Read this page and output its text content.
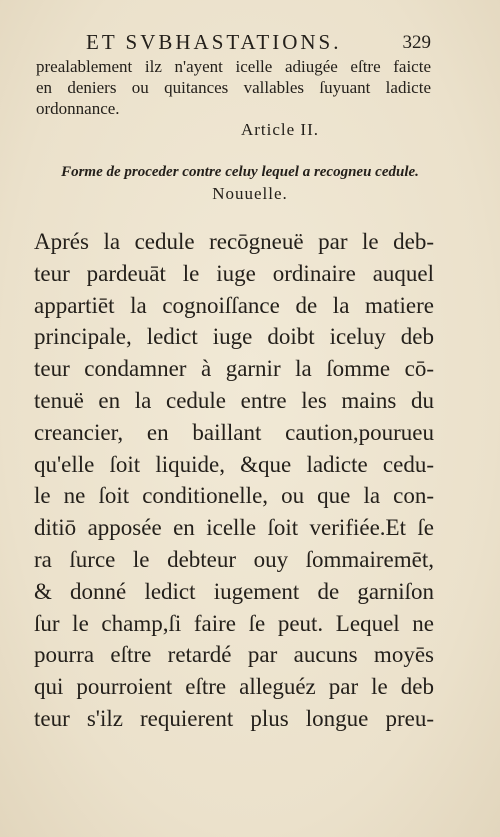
ET SVBHASTATIONS.	329
prealablement ilz n'ayent icelle adiugée eſtre faicte
en deniers ou quitances vallables ſuyuant ladicte
ordonnance.
Article II.
Forme de proceder contre celuy lequel a recogneu cedule.
Nouuelle.
Aprés la cedule recōgneuë par le deb-
teur pardeuāt le iuge ordinaire auquel
appartiēt la cognoiſſance de la matiere
principale, ledict iuge doibt iceluy deb
teur condamner à garnir la ſomme cō-
tenuë en la cedule entre les mains du
creancier, en baillant caution,pourueu
qu'elle ſoit liquide, &que ladicte cedu-
le ne ſoit conditionelle, ou que la con-
ditiō apposée en icelle ſoit verifiée.Et ſe
ra ſurce le debteur ouy ſommairemēt,
& donné ledict iugement de garniſon
ſur le champ,ſi faire ſe peut. Lequel ne
pourra eſtre retardé par aucuns moyēs
qui pourroient eſtre alleguéz par le deb
teur s'ilz requierent plus longue preu-
